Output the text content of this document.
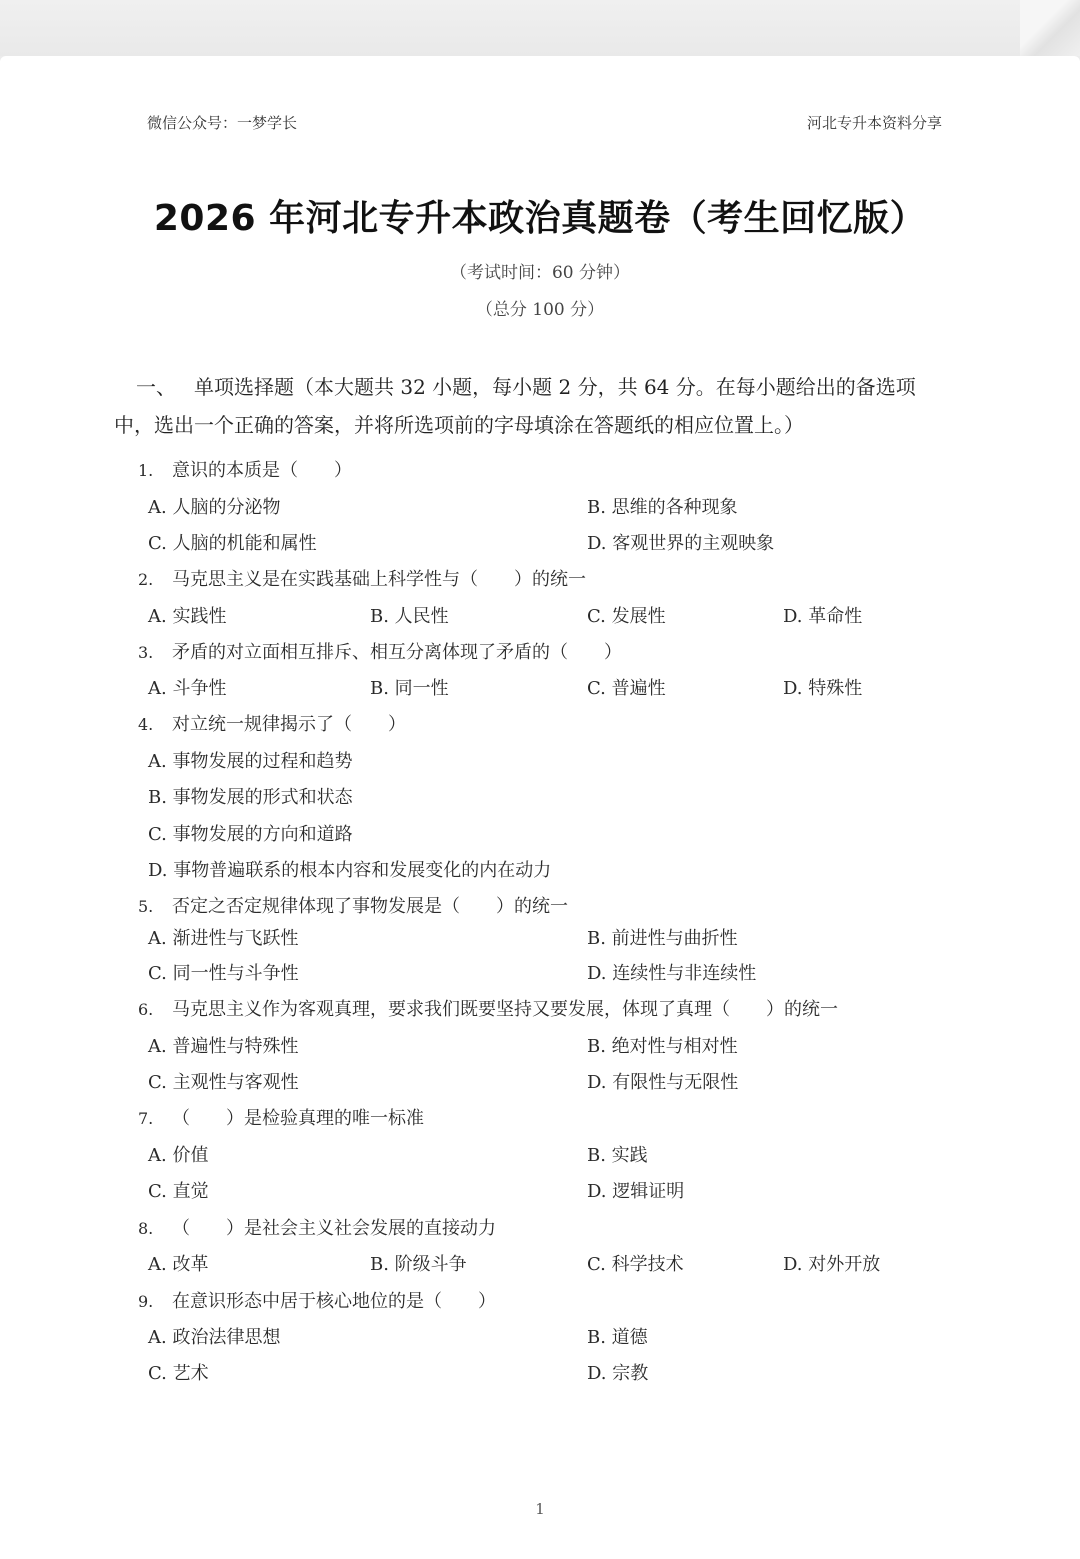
微信公众号：一梦学长	河北专升本资料分享
2026 年河北专升本政治真题卷（考生回忆版）
（考试时间：60 分钟）
（总分 100 分）
一、 单项选择题（本大题共 32 小题，每小题 2 分，共 64 分。在每小题给出的备选项中，选出一个正确的答案，并将所选项前的字母填涂在答题纸的相应位置上。）
1. 意识的本质是（　　）
A. 人脑的分泌物	B. 思维的各种现象
C. 人脑的机能和属性	D. 客观世界的主观映象
2. 马克思主义是在实践基础上科学性与（　　）的统一
A. 实践性	B. 人民性	C. 发展性	D. 革命性
3. 矛盾的对立面相互排斥、相互分离体现了矛盾的（　　）
A. 斗争性	B. 同一性	C. 普遍性	D. 特殊性
4. 对立统一规律揭示了（　　）
A. 事物发展的过程和趋势
B. 事物发展的形式和状态
C. 事物发展的方向和道路
D. 事物普遍联系的根本内容和发展变化的内在动力
5. 否定之否定规律体现了事物发展是（　　）的统一
A. 渐进性与飞跃性	B. 前进性与曲折性
C. 同一性与斗争性	D. 连续性与非连续性
6. 马克思主义作为客观真理，要求我们既要坚持又要发展，体现了真理（　　）的统一
A. 普遍性与特殊性	B. 绝对性与相对性
C. 主观性与客观性	D. 有限性与无限性
7. （　　）是检验真理的唯一标准
A. 价值	B. 实践
C. 直觉	D. 逻辑证明
8. （　　）是社会主义社会发展的直接动力
A. 改革	B. 阶级斗争	C. 科学技术	D. 对外开放
9. 在意识形态中居于核心地位的是（　　）
A. 政治法律思想	B. 道德
C. 艺术	D. 宗教
1
